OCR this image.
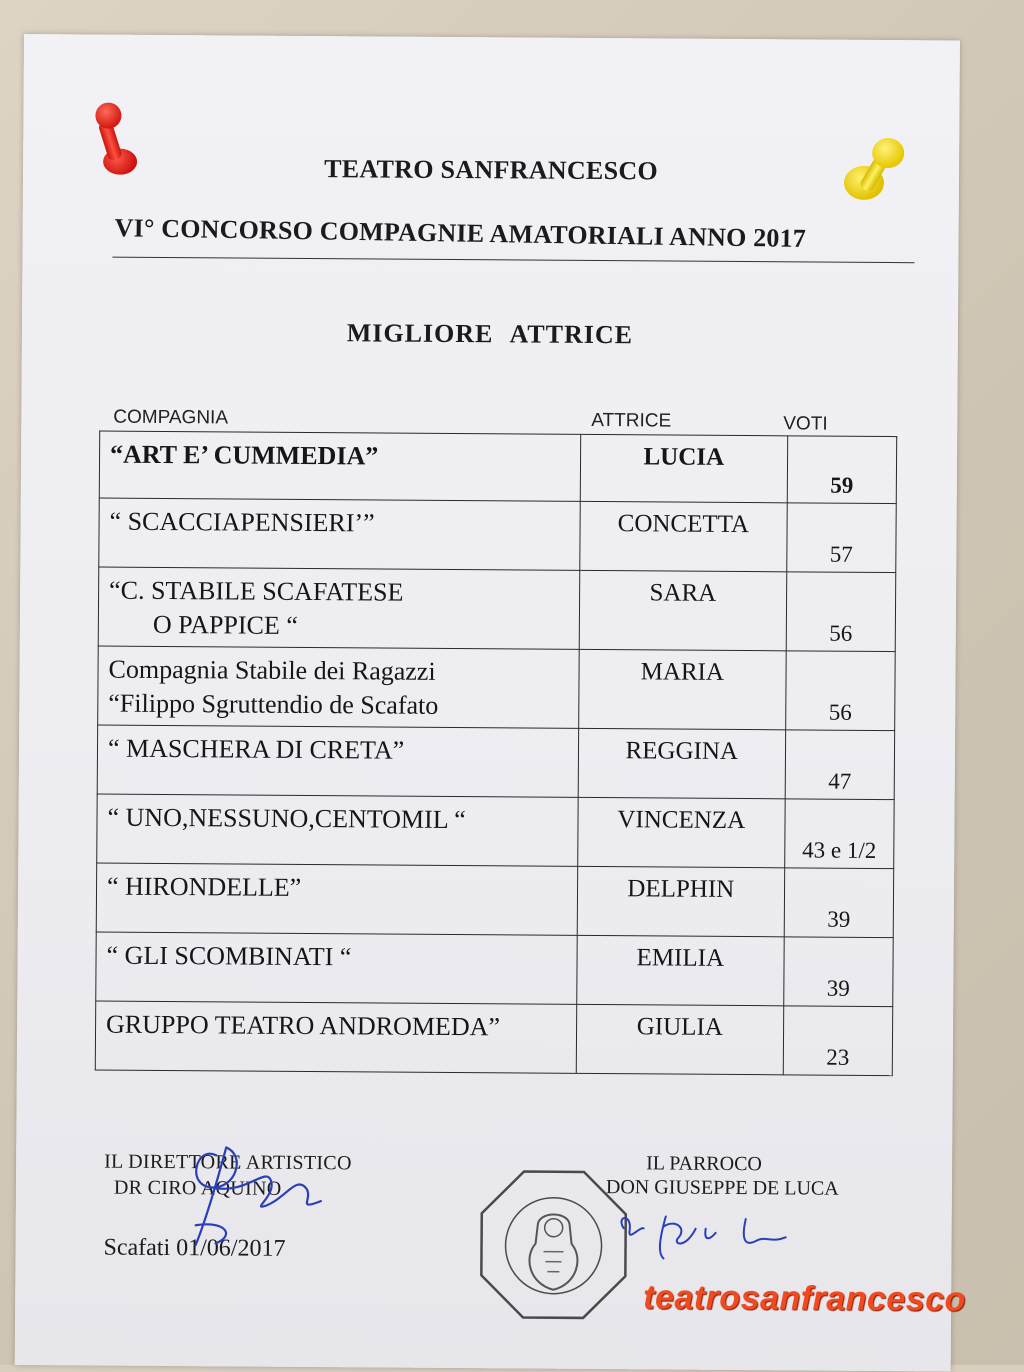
TEATRO SANFRANCESCO
VI° CONCORSO COMPAGNIE AMATORIALI ANNO 2017
MIGLIORE ATTRICE
COMPAGNIA	ATTRICE	VOTI
“ART E’ CUMMEDIA”	LUCIA	59
“ SCACCIAPENSIERI’”	CONCETTA	57

“C. STABILE SCAFATESE
O PAPPICE “	SARA	56

Compagnia Stabile dei Ragazzi
“Filippo Sgruttendio de Scafato	MARIA	56
“ MASCHERA DI CRETA”	REGGINA	47
“ UNO,NESSUNO,CENTOMIL “	VINCENZA	43 e 1/2
“ HIRONDELLE”	DELPHIN	39
“ GLI SCOMBINATI “	EMILIA	39
GRUPPO TEATRO ANDROMEDA”	GIULIA	23
IL DIRETTORE ARTISTICO
DR CIRO AQUINO
Scafati 01/06/2017
IL PARROCO
DON GIUSEPPE DE LUCA
teatrosanfrancesco
